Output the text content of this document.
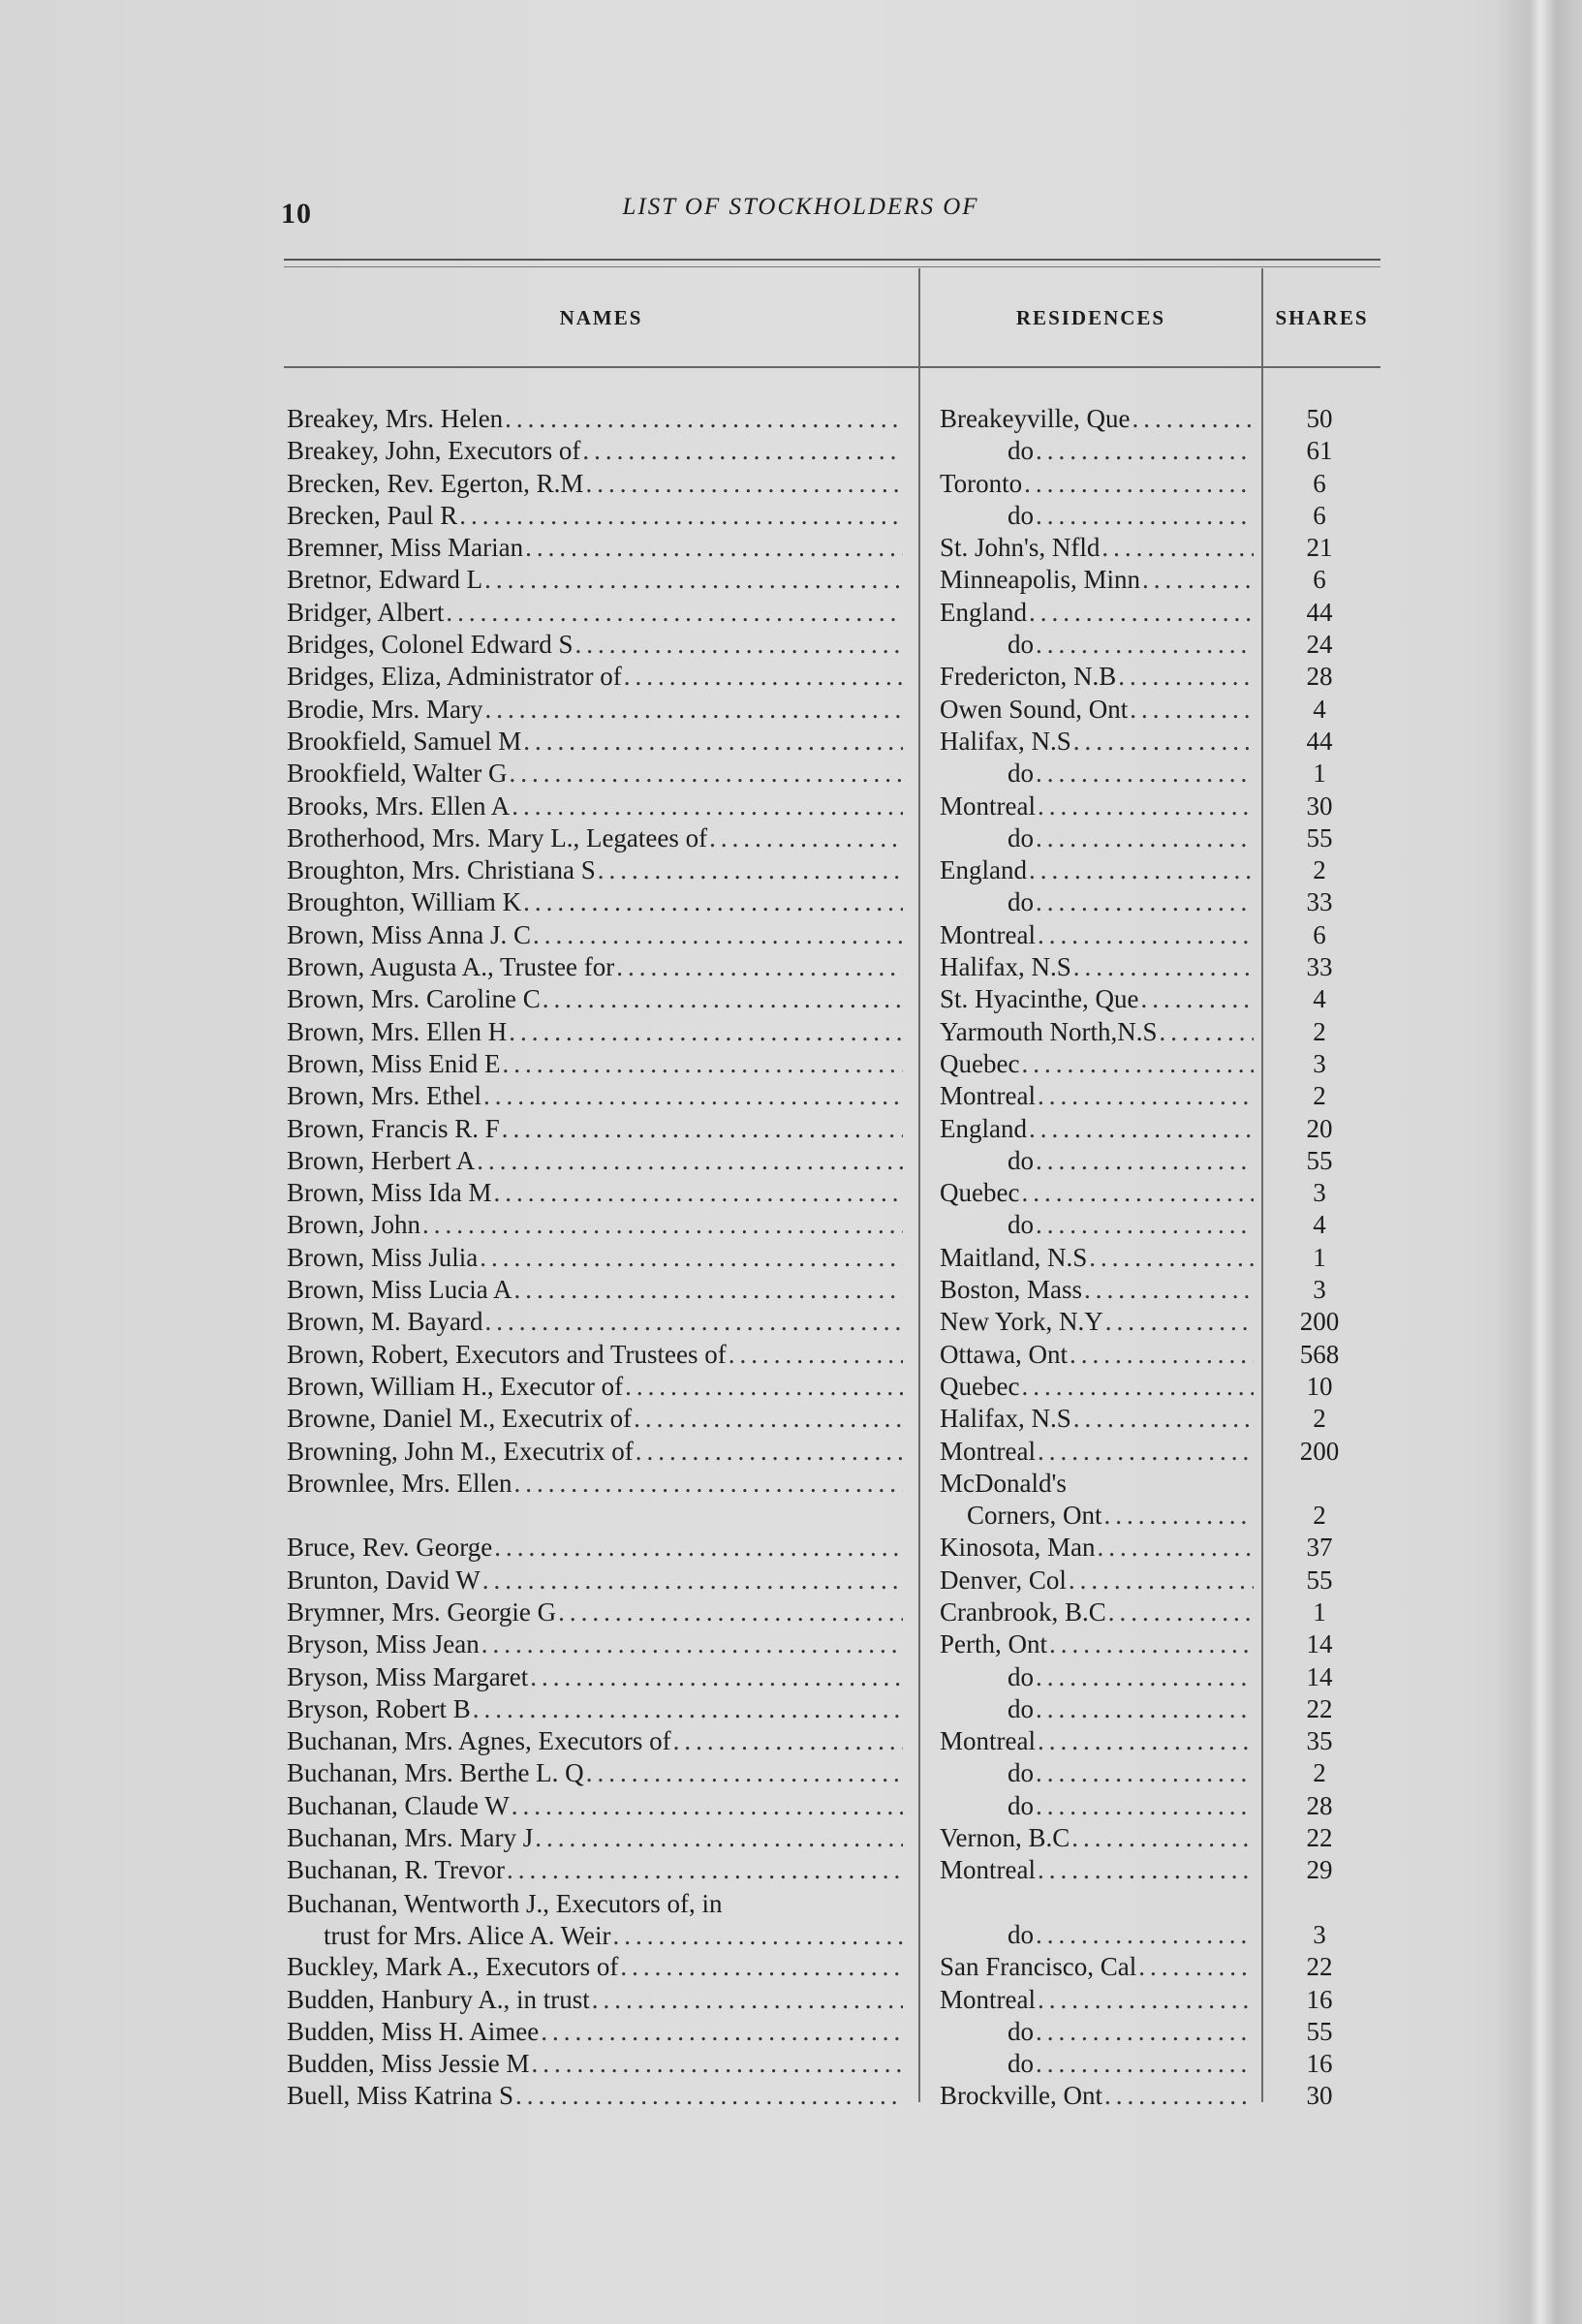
10	LIST OF STOCKHOLDERS OF
NAMES	RESIDENCES	SHARES
Breakey, Mrs. Helen .....	Breakeyville, Que .....	50
Breakey, John, Executors of .....	do .....	61
Brecken, Rev. Egerton, R.M .....	Toronto .....	6
Brecken, Paul R .....	do .....	6
Bremner, Miss Marian .....	St. John's, Nfld .....	21
Bretnor, Edward L .....	Minneapolis, Minn .....	6
Bridger, Albert .....	England .....	44
Bridges, Colonel Edward S .....	do .....	24
Bridges, Eliza, Administrator of .....	Fredericton, N.B .....	28
Brodie, Mrs. Mary .....	Owen Sound, Ont .....	4
Brookfield, Samuel M .....	Halifax, N.S .....	44
Brookfield, Walter G .....	do .....	1
Brooks, Mrs. Ellen A .....	Montreal .....	30
Brotherhood, Mrs. Mary L., Legatees of .....	do .....	55
Broughton, Mrs. Christiana S .....	England .....	2
Broughton, William K .....	do .....	33
Brown, Miss Anna J. C .....	Montreal .....	6
Brown, Augusta A., Trustee for .....	Halifax, N.S .....	33
Brown, Mrs. Caroline C .....	St. Hyacinthe, Que .....	4
Brown, Mrs. Ellen H .....	Yarmouth North,N.S .....	2
Brown, Miss Enid E .....	Quebec .....	3
Brown, Mrs. Ethel .....	Montreal .....	2
Brown, Francis R. F .....	England .....	20
Brown, Herbert A .....	do .....	55
Brown, Miss Ida M .....	Quebec .....	3
Brown, John .....	do .....	4
Brown, Miss Julia .....	Maitland, N.S .....	1
Brown, Miss Lucia A .....	Boston, Mass .....	3
Brown, M. Bayard .....	New York, N.Y .....	200
Brown, Robert, Executors and Trustees of .....	Ottawa, Ont .....	568
Brown, William H., Executor of .....	Quebec .....	10
Browne, Daniel M., Executrix of .....	Halifax, N.S .....	2
Browning, John M., Executrix of .....	Montreal .....	200
Brownlee, Mrs. Ellen .....	McDonald's
Corners, Ont .....	2
Bruce, Rev. George .....	Kinosota, Man .....	37
Brunton, David W .....	Denver, Col .....	55
Brymner, Mrs. Georgie G .....	Cranbrook, B.C .....	1
Bryson, Miss Jean .....	Perth, Ont .....	14
Bryson, Miss Margaret .....	do .....	14
Bryson, Robert B .....	do .....	22
Buchanan, Mrs. Agnes, Executors of .....	Montreal .....	35
Buchanan, Mrs. Berthe L. Q .....	do .....	2
Buchanan, Claude W .....	do .....	28
Buchanan, Mrs. Mary J .....	Vernon, B.C .....	22
Buchanan, R. Trevor .....	Montreal .....	29
Buchanan, Wentworth J., Executors of, in
trust for Mrs. Alice A. Weir .....	do .....	3
Buckley, Mark A., Executors of .....	San Francisco, Cal .....	22
Budden, Hanbury A., in trust .....	Montreal .....	16
Budden, Miss H. Aimee .....	do .....	55
Budden, Miss Jessie M .....	do .....	16
Buell, Miss Katrina S .....	Brockville, Ont .....	30
